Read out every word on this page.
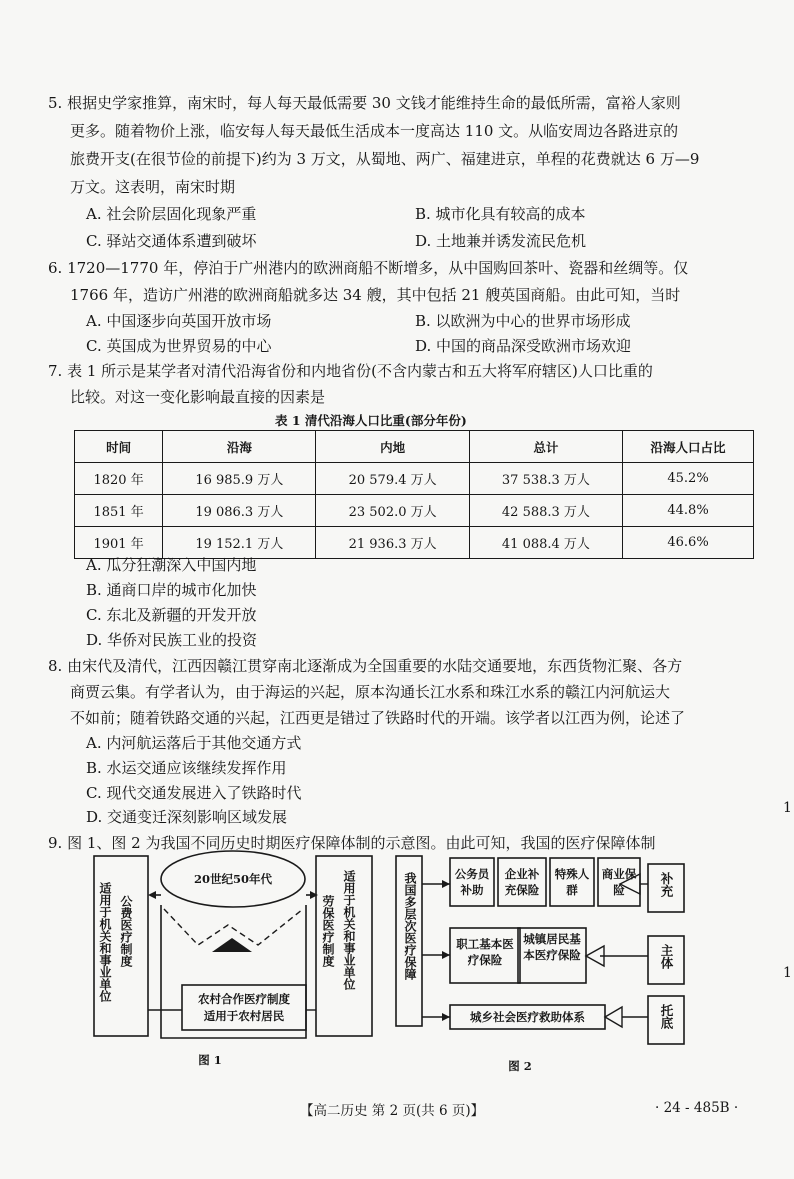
5. 根据史学家推算，南宋时，每人每天最低需要 30 文钱才能维持生命的最低所需，富裕人家则
更多。随着物价上涨，临安每人每天最低生活成本一度高达 110 文。从临安周边各路进京的
旅费开支(在很节俭的前提下)约为 3 万文，从蜀地、两广、福建进京，单程的花费就达 6 万—9
万文。这表明，南宋时期
A. 社会阶层固化现象严重	B. 城市化具有较高的成本
C. 驿站交通体系遭到破坏	D. 土地兼并诱发流民危机
6. 1720—1770 年，停泊于广州港内的欧洲商船不断增多，从中国购回茶叶、瓷器和丝绸等。仅
1766 年，造访广州港的欧洲商船就多达 34 艘，其中包括 21 艘英国商船。由此可知，当时
A. 中国逐步向英国开放市场	B. 以欧洲为中心的世界市场形成
C. 英国成为世界贸易的中心	D. 中国的商品深受欧洲市场欢迎
7. 表 1 所示是某学者对清代沿海省份和内地省份(不含内蒙古和五大将军府辖区)人口比重的
比较。对这一变化影响最直接的因素是
表 1 清代沿海人口比重(部分年份)
时间	沿海	内地	总计	沿海人口占比
1820 年	16 985.9 万人	20 579.4 万人	37 538.3 万人	45.2%
1851 年	19 086.3 万人	23 502.0 万人	42 588.3 万人	44.8%
1901 年	19 152.1 万人	21 936.3 万人	41 088.4 万人	46.6%
A. 瓜分狂潮深入中国内地
B. 通商口岸的城市化加快
C. 东北及新疆的开发开放
D. 华侨对民族工业的投资
8. 由宋代及清代，江西因赣江贯穿南北逐渐成为全国重要的水陆交通要地，东西货物汇聚、各方
商贾云集。有学者认为，由于海运的兴起，原本沟通长江水系和珠江水系的赣江内河航运大
不如前；随着铁路交通的兴起，江西更是错过了铁路时代的开端。该学者以江西为例，论述了
A. 内河航运落后于其他交通方式
B. 水运交通应该继续发挥作用
C. 现代交通发展进入了铁路时代
D. 交通变迁深刻影响区域发展
9. 图 1、图 2 为我国不同历史时期医疗保障体制的示意图。由此可知，我国的医疗保障体制
适用于机关和事业单位 公费医疗制度
20世纪50年代
劳保医疗制度 适用于机关和事业单位
农村合作医疗制度
适用于农村居民
图 1
我国多层次医疗保障	公务员补助
企业补充保险
特殊人群
商业保险
职工基本医疗保险
城镇居民基本医疗保险
城乡社会医疗救助体系
补充
主体
托底
图 2
1
1
【高二历史 第 2 页(共 6 页)】	· 24 - 485B ·
